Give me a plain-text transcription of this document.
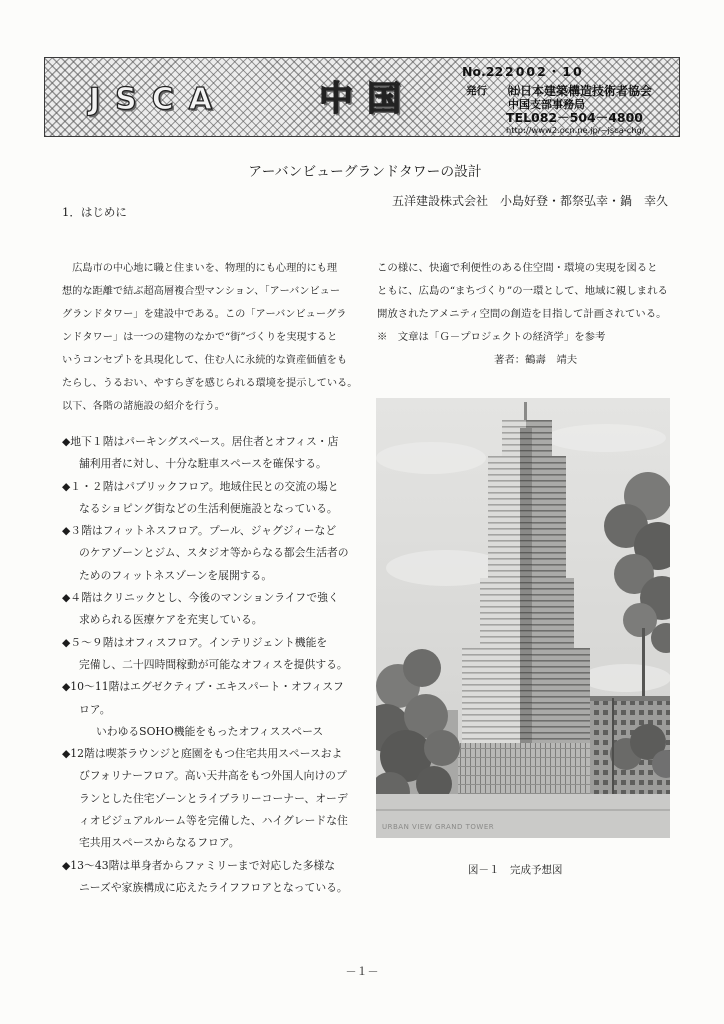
JSCA	中国
No.22 2002・10
発行 ㈳日本建築構造技術者協会
中国支部事務局
TEL082－504－4800
http://www2.ocn.ne.jp/~jsca-chg/
アーバンビューグランドタワーの設計
五洋建設株式会社　小島好登・都祭弘幸・鍋　幸久
1．はじめに
広島市の中心地に職と住まいを、物理的にも心理的にも理
想的な距離で結ぶ超高層複合型マンション、「アーバンビュー
グランドタワー」を建設中である。この「アーバンビューグラ
ンドタワー」は一つの建物のなかで“街”づくりを実現すると
いうコンセプトを具現化して、住む人に永続的な資産価値をも
たらし、うるおい、やすらぎを感じられる環境を提示している。
以下、各階の諸施設の紹介を行う。
◆地下１階はパーキングスペース。居住者とオフィス・店
舗利用者に対し、十分な駐車スペースを確保する。
◆１・２階はパブリックフロア。地域住民との交流の場と
なるショピング街などの生活利便施設となっている。
◆３階はフィットネスフロア。プール、ジャグジィーなど
のケアゾーンとジム、スタジオ等からなる都会生活者の
ためのフィットネスゾーンを展開する。
◆４階はクリニックとし、今後のマンションライフで強く
求められる医療ケアを充実している。
◆５～９階はオフィスフロア。インテリジェント機能を
完備し、二十四時間稼動が可能なオフィスを提供する。
◆10～11階はエグゼクティブ・エキスパート・オフィスフ
ロア。
いわゆるSOHO機能をもったオフィススペース
◆12階は喫茶ラウンジと庭園をもつ住宅共用スペースおよ
びフォリナーフロア。高い天井高をもつ外国人向けのプ
ランとした住宅ゾーンとライブラリーコーナー、オーデ
ィオビジュアルルーム等を完備した、ハイグレードな住
宅共用スペースからなるフロア。
◆13～43階は単身者からファミリーまで対応した多様な
ニーズや家族構成に応えたライフフロアとなっている。
この様に、快適で利便性のある住空間・環境の実現を図ると
ともに、広島の“まちづくり”の一環として、地域に親しまれる
開放されたアメニティ空間の創造を目指して計画されている。
※　文章は「Ｇ－プロジェクトの経済学」を参考
著者：鶴壽　靖夫
URBAN VIEW GRAND TOWER
図－１　完成予想図
－１－
